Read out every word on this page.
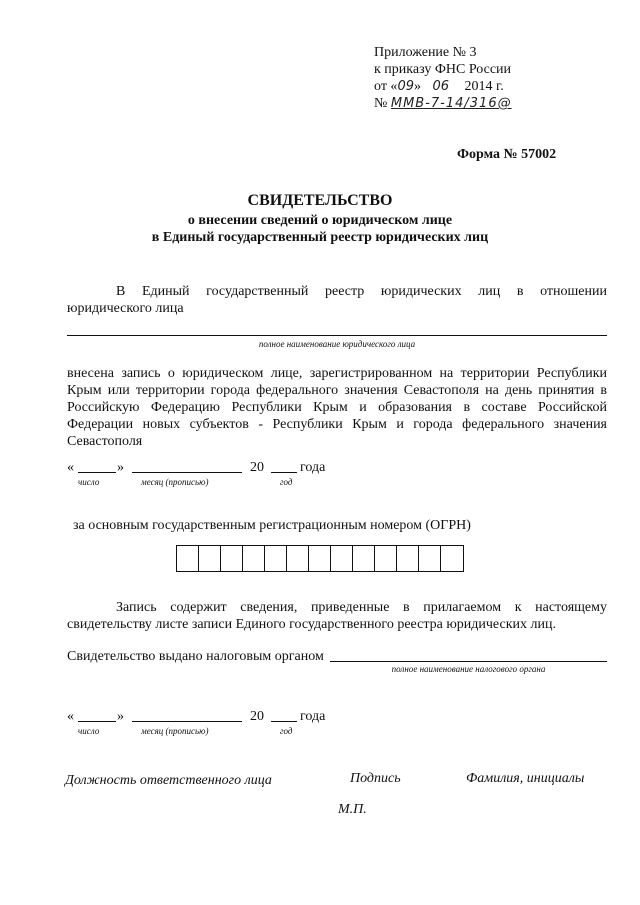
Приложение № 3
к приказу ФНС России
от «09» 06 2014 г.
№ ММВ-7-14/316@
Форма № 57002
СВИДЕТЕЛЬСТВО
о внесении сведений о юридическом лице
в Единый государственный реестр юридических лиц
В Единый государственный реестр юридических лиц в отношении
юридического лица
полное наименование юридического лица
внесена запись о юридическом лице, зарегистрированном на территории Республики
Крым или территории города федерального значения Севастополя на день принятия в
Российскую Федерацию Республики Крым и образования в составе Российской
Федерации новых субъектов - Республики Крым и города федерального значения
Севастополя
«	»	20	года
число	месяц (прописью)	год
за основным государственным регистрационным номером (ОГРН)
Запись содержит сведения, приведенные в прилагаемом к настоящему
свидетельству листе записи Единого государственного реестра юридических лиц.
Свидетельство выдано налоговым органом
полное наименование налогового органа
«	»	20	года
число	месяц (прописью)	год
Должность ответственного лица	Подпись	Фамилия, инициалы
М.П.
